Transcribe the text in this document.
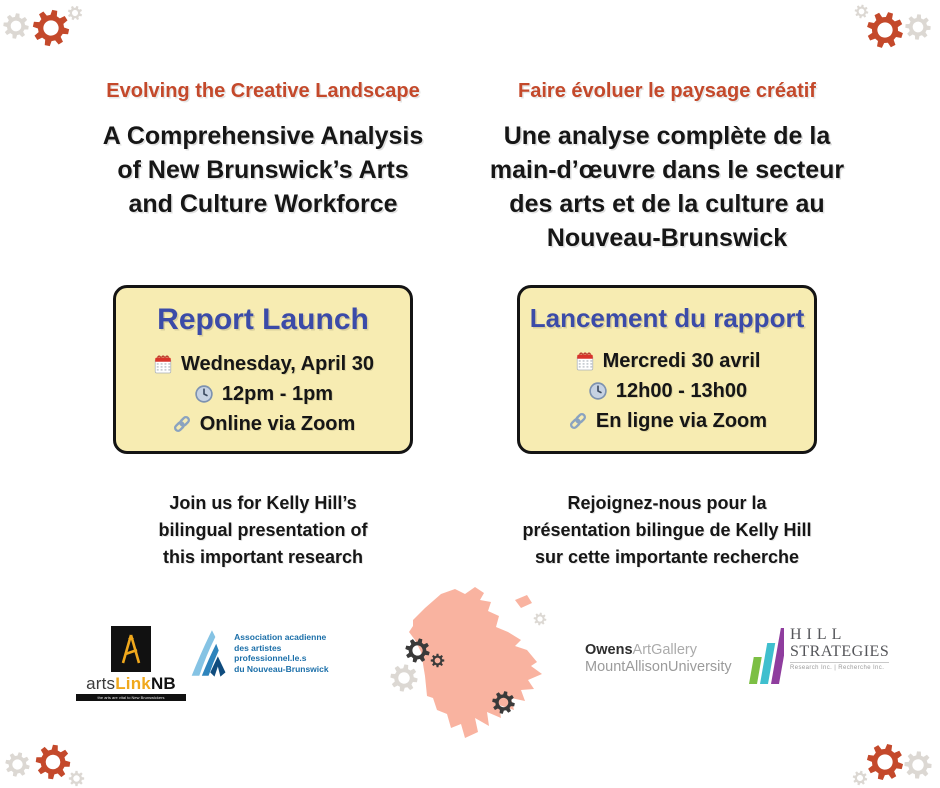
Evolving the Creative Landscape
A Comprehensive Analysis
of New Brunswick’s Arts
and Culture Workforce
Report Launch
Wednesday, April 30
12pm - 1pm
Online via Zoom
Join us for Kelly Hill’s
bilingual presentation of
this important research
Faire évoluer le paysage créatif
Une analyse complète de la
main-d’œuvre dans le secteur
des arts et de la culture au
Nouveau-Brunswick
Lancement du rapport
Mercredi 30 avril
12h00 - 13h00
En ligne via Zoom
Rejoignez-nous pour la
présentation bilingue de Kelly Hill
sur cette importante recherche
artsLinkNB
the arts are vital to New Brunswickers
Association acadienne
des artistes professionnel.le.s
du Nouveau-Brunswick
OwensArtGallery
MountAllisonUniversity
HILL
STRATEGIES
Research Inc. | Recherche Inc.
